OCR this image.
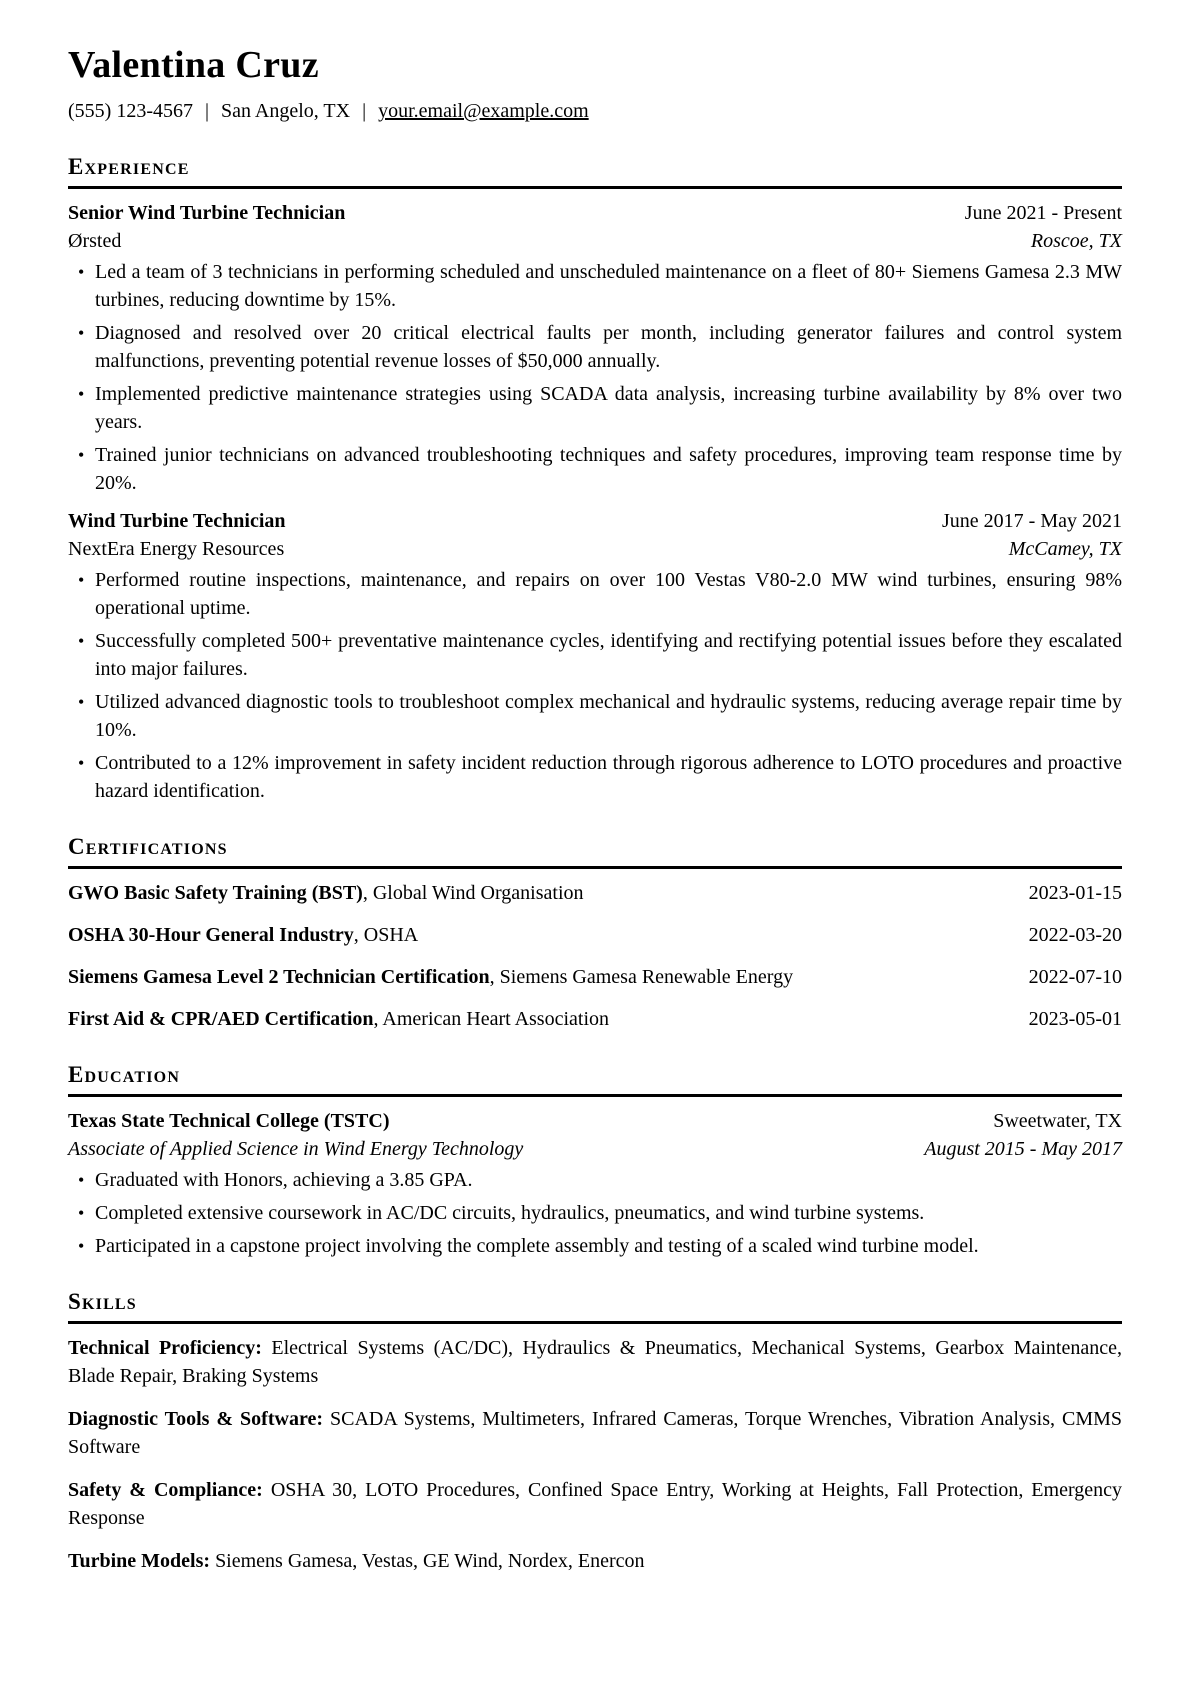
Valentina Cruz
(555) 123-4567 | San Angelo, TX | your.email@example.com
Experience
Senior Wind Turbine Technician	June 2021 - Present
Ørsted	Roscoe, TX
• Led a team of 3 technicians in performing scheduled and unscheduled maintenance on a fleet of 80+ Siemens Gamesa 2.3 MW turbines, reducing downtime by 15%.
• Diagnosed and resolved over 20 critical electrical faults per month, including generator failures and control system malfunctions, preventing potential revenue losses of $50,000 annually.
• Implemented predictive maintenance strategies using SCADA data analysis, increasing turbine availability by 8% over two years.
• Trained junior technicians on advanced troubleshooting techniques and safety procedures, improving team response time by 20%.
Wind Turbine Technician	June 2017 - May 2021
NextEra Energy Resources	McCamey, TX
• Performed routine inspections, maintenance, and repairs on over 100 Vestas V80-2.0 MW wind turbines, ensuring 98% operational uptime.
• Successfully completed 500+ preventative maintenance cycles, identifying and rectifying potential issues before they escalated into major failures.
• Utilized advanced diagnostic tools to troubleshoot complex mechanical and hydraulic systems, reducing average repair time by 10%.
• Contributed to a 12% improvement in safety incident reduction through rigorous adherence to LOTO procedures and proactive hazard identification.
Certifications
GWO Basic Safety Training (BST), Global Wind Organisation	2023-01-15
OSHA 30-Hour General Industry, OSHA	2022-03-20
Siemens Gamesa Level 2 Technician Certification, Siemens Gamesa Renewable Energy	2022-07-10
First Aid & CPR/AED Certification, American Heart Association	2023-05-01
Education
Texas State Technical College (TSTC)	Sweetwater, TX
Associate of Applied Science in Wind Energy Technology	August 2015 - May 2017
• Graduated with Honors, achieving a 3.85 GPA.
• Completed extensive coursework in AC/DC circuits, hydraulics, pneumatics, and wind turbine systems.
• Participated in a capstone project involving the complete assembly and testing of a scaled wind turbine model.
Skills

Technical Proficiency: Electrical Systems (AC/DC), Hydraulics & Pneumatics, Mechanical Systems, Gearbox Maintenance, Blade Repair, Braking Systems

Diagnostic Tools & Software: SCADA Systems, Multimeters, Infrared Cameras, Torque Wrenches, Vibration Analysis, CMMS Software

Safety & Compliance: OSHA 30, LOTO Procedures, Confined Space Entry, Working at Heights, Fall Protection, Emergency Response

Turbine Models: Siemens Gamesa, Vestas, GE Wind, Nordex, Enercon
